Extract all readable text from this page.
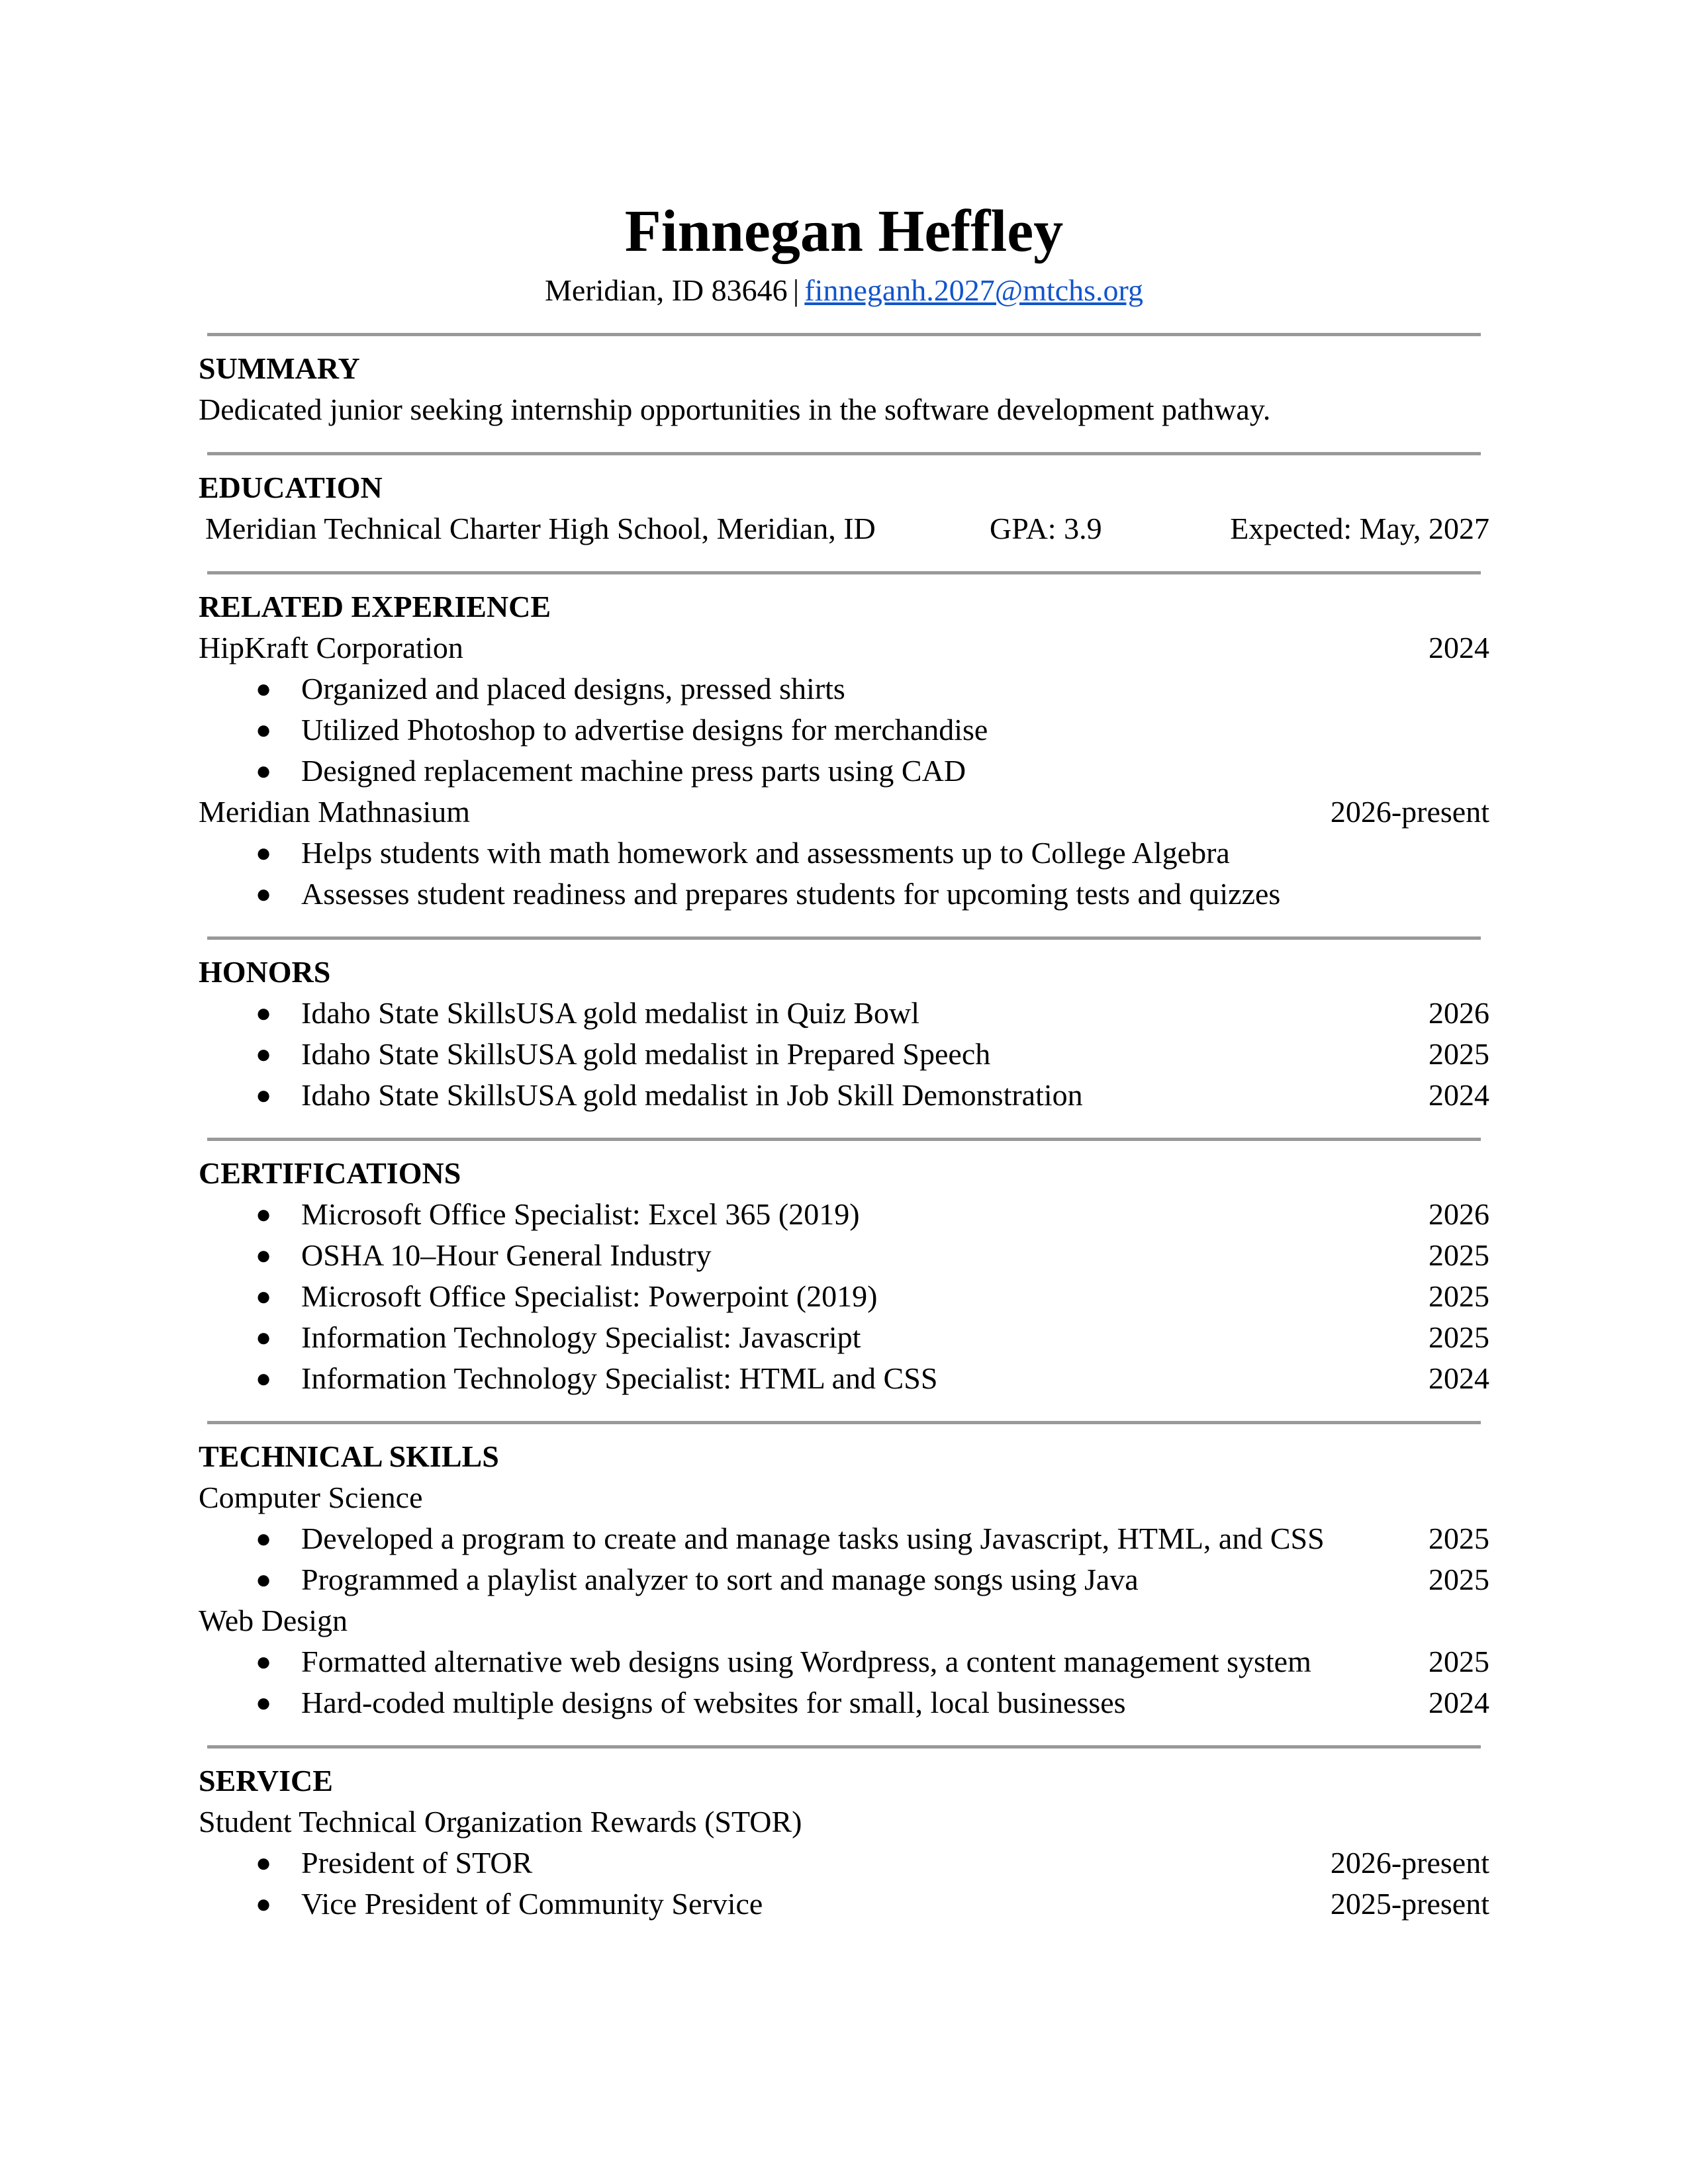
Finnegan Heffley
Meridian, ID 83646 | finneganh.2027@mtchs.org
SUMMARY
Dedicated junior seeking internship opportunities in the software development pathway.
EDUCATION
Meridian Technical Charter High School, Meridian, ID	GPA: 3.9	Expected: May, 2027
RELATED EXPERIENCE
HipKraft Corporation	2024
● Organized and placed designs, pressed shirts
● Utilized Photoshop to advertise designs for merchandise
● Designed replacement machine press parts using CAD
Meridian Mathnasium	2026-present
● Helps students with math homework and assessments up to College Algebra
● Assesses student readiness and prepares students for upcoming tests and quizzes
HONORS
● Idaho State SkillsUSA gold medalist in Quiz Bowl	2026
● Idaho State SkillsUSA gold medalist in Prepared Speech	2025
● Idaho State SkillsUSA gold medalist in Job Skill Demonstration	2024
CERTIFICATIONS
● Microsoft Office Specialist: Excel 365 (2019)	2026
● OSHA 10–Hour General Industry	2025
● Microsoft Office Specialist: Powerpoint (2019)	2025
● Information Technology Specialist: Javascript	2025
● Information Technology Specialist: HTML and CSS	2024
TECHNICAL SKILLS
Computer Science
● Developed a program to create and manage tasks using Javascript, HTML, and CSS	2025
● Programmed a playlist analyzer to sort and manage songs using Java	2025
Web Design
● Formatted alternative web designs using Wordpress, a content management system	2025
● Hard-coded multiple designs of websites for small, local businesses	2024
SERVICE
Student Technical Organization Rewards (STOR)
● President of STOR	2026-present
● Vice President of Community Service	2025-present
